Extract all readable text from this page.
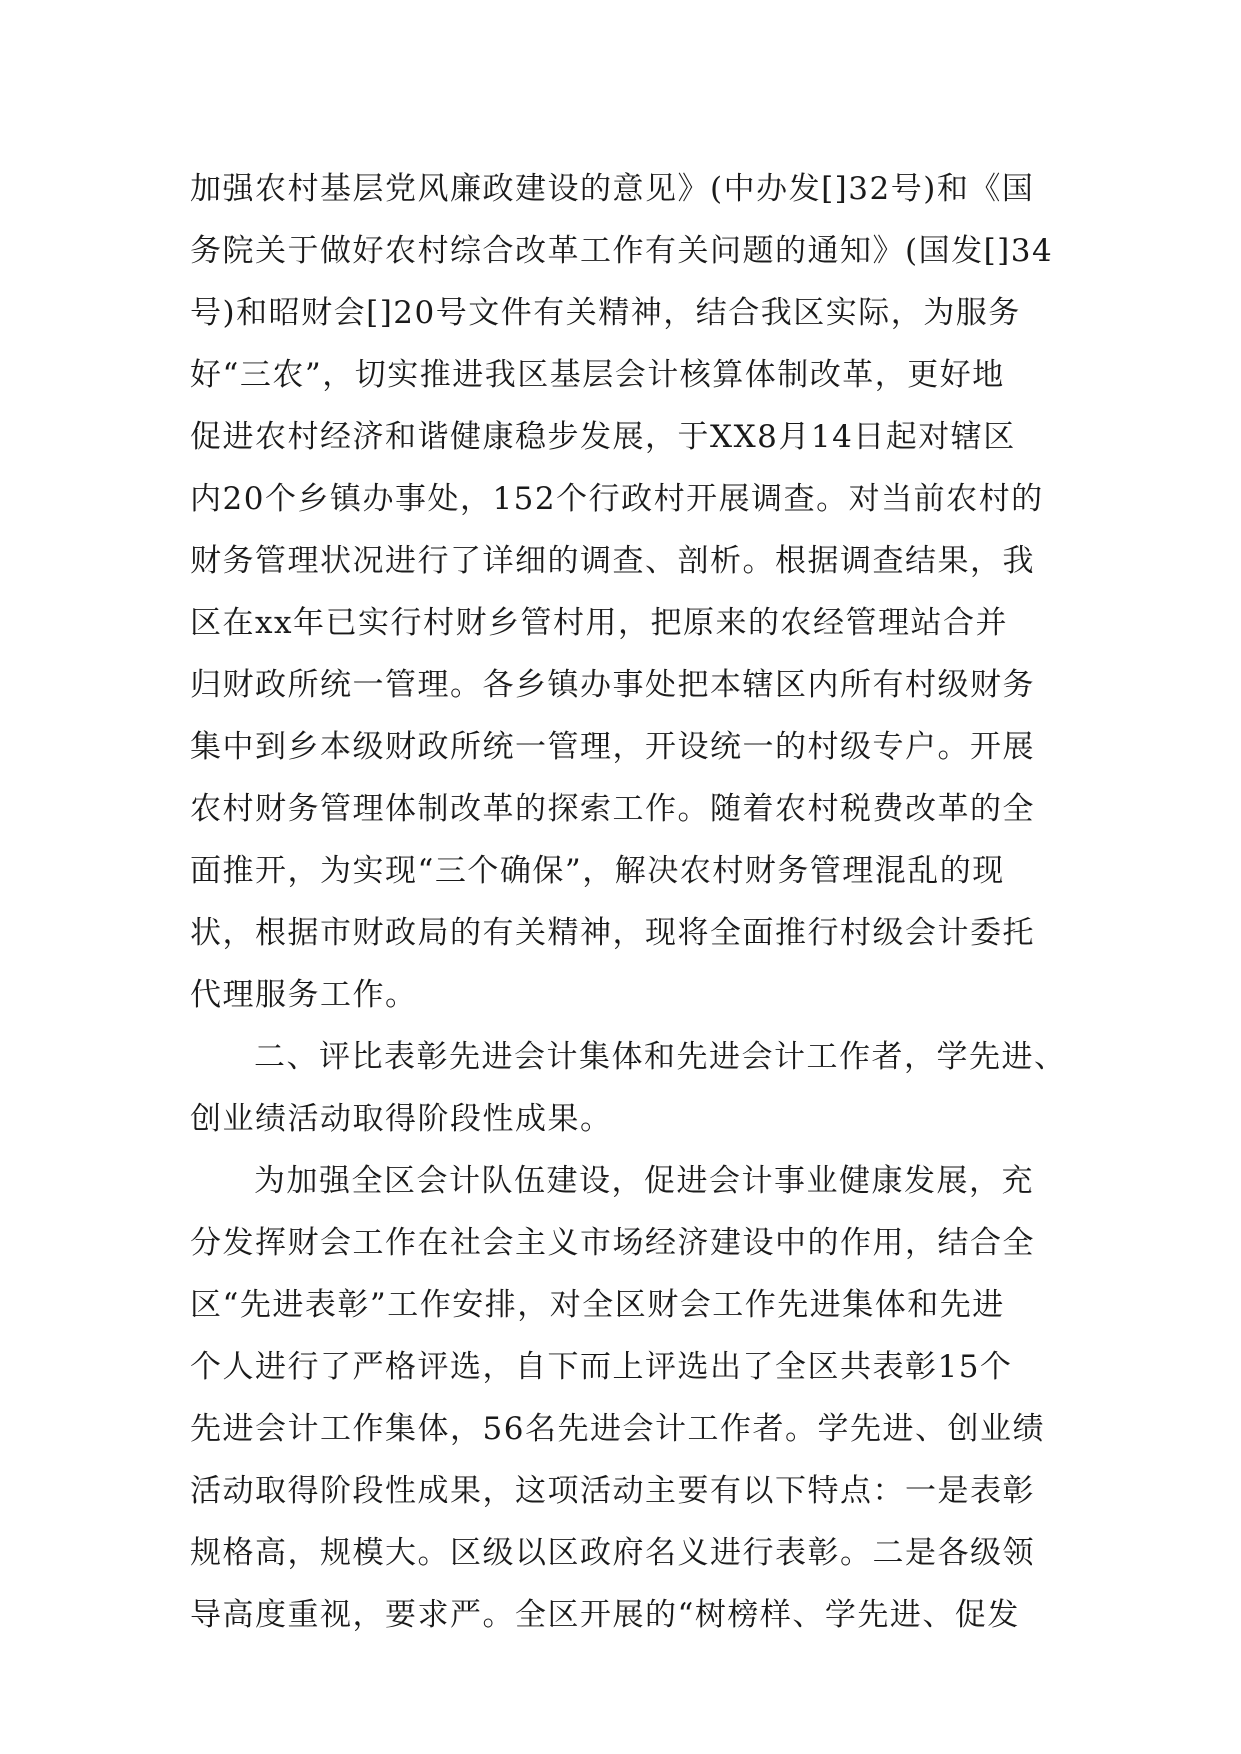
加强农村基层党风廉政建设的意见》(中办发[]32号)和《国
务院关于做好农村综合改革工作有关问题的通知》(国发[]34
号)和昭财会[]20号文件有关精神，结合我区实际，为服务
好“三农”，切实推进我区基层会计核算体制改革，更好地
促进农村经济和谐健康稳步发展，于XX8月14日起对辖区
内20个乡镇办事处，152个行政村开展调查。对当前农村的
财务管理状况进行了详细的调查、剖析。根据调查结果，我
区在xx年已实行村财乡管村用，把原来的农经管理站合并
归财政所统一管理。各乡镇办事处把本辖区内所有村级财务
集中到乡本级财政所统一管理，开设统一的村级专户。开展
农村财务管理体制改革的探索工作。随着农村税费改革的全
面推开，为实现“三个确保”，解决农村财务管理混乱的现
状，根据市财政局的有关精神，现将全面推行村级会计委托
代理服务工作。
二、评比表彰先进会计集体和先进会计工作者，学先进、
创业绩活动取得阶段性成果。
为加强全区会计队伍建设，促进会计事业健康发展，充
分发挥财会工作在社会主义市场经济建设中的作用，结合全
区“先进表彰”工作安排，对全区财会工作先进集体和先进
个人进行了严格评选，自下而上评选出了全区共表彰15个
先进会计工作集体，56名先进会计工作者。学先进、创业绩
活动取得阶段性成果，这项活动主要有以下特点：一是表彰
规格高，规模大。区级以区政府名义进行表彰。二是各级领
导高度重视，要求严。全区开展的“树榜样、学先进、促发
